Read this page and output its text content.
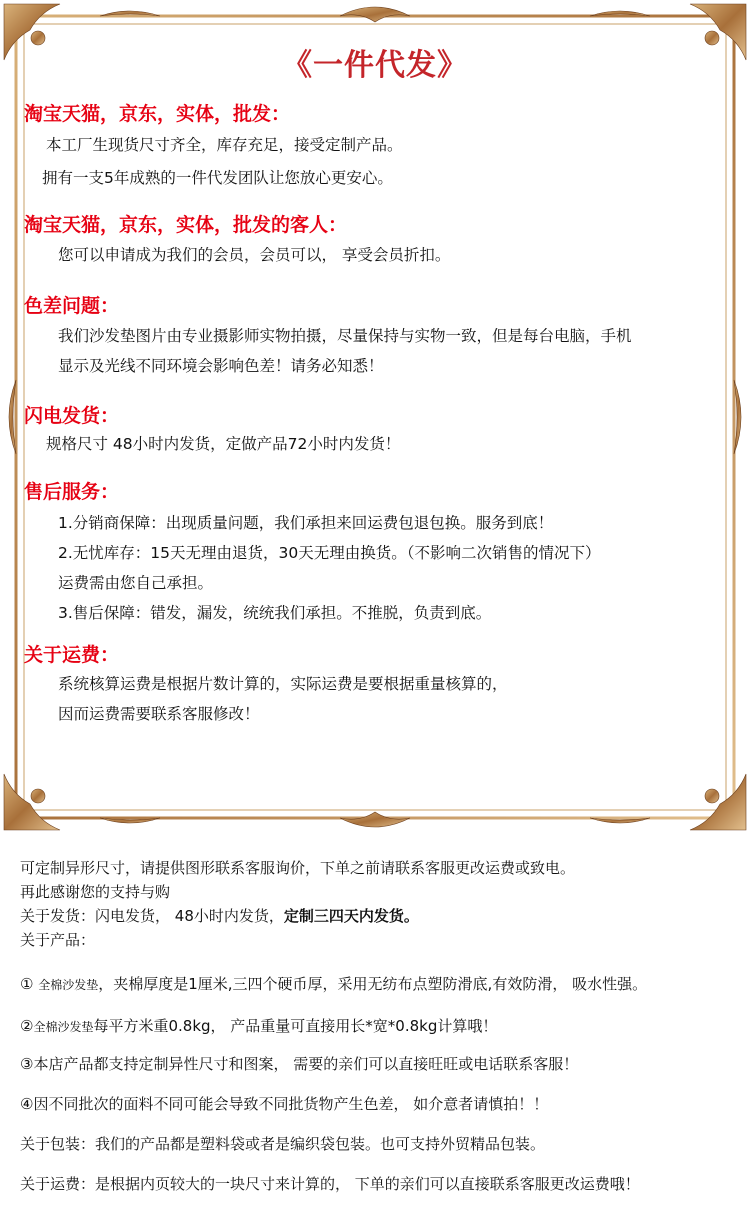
《一件代发》
淘宝天猫，京东，实体，批发：
本工厂生现货尺寸齐全，库存充足，接受定制产品。
拥有一支5年成熟的一件代发团队让您放心更安心。
淘宝天猫，京东，实体，批发的客人：
您可以申请成为我们的会员，会员可以， 享受会员折扣。
色差问题：
我们沙发垫图片由专业摄影师实物拍摄，尽量保持与实物一致，但是每台电脑，手机
显示及光线不同环境会影响色差！请务必知悉！
闪电发货：
规格尺寸 48小时内发货，定做产品72小时内发货！
售后服务：
1.分销商保障：出现质量问题，我们承担来回运费包退包换。服务到底！
2.无忧库存：15天无理由退货，30天无理由换货。（不影响二次销售的情况下）
运费需由您自己承担。
3.售后保障：错发，漏发，统统我们承担。不推脱，负责到底。
关于运费：
系统核算运费是根据片数计算的，实际运费是要根据重量核算的，
因而运费需要联系客服修改！
可定制异形尺寸，请提供图形联系客服询价，下单之前请联系客服更改运费或致电。
再此感谢您的支持与购
关于发货：闪电发货， 48小时内发货，定制三四天内发货。
关于产品：
① 全棉沙发垫，夹棉厚度是1厘米,三四个硬币厚，采用无纺布点塑防滑底,有效防滑， 吸水性强。
②全棉沙发垫每平方米重0.8kg， 产品重量可直接用长*宽*0.8kg计算哦！
③本店产品都支持定制异性尺寸和图案， 需要的亲们可以直接旺旺或电话联系客服！
④因不同批次的面料不同可能会导致不同批货物产生色差， 如介意者请慎拍！！
关于包装：我们的产品都是塑料袋或者是编织袋包装。也可支持外贸精品包装。
关于运费：是根据内页较大的一块尺寸来计算的， 下单的亲们可以直接联系客服更改运费哦！
